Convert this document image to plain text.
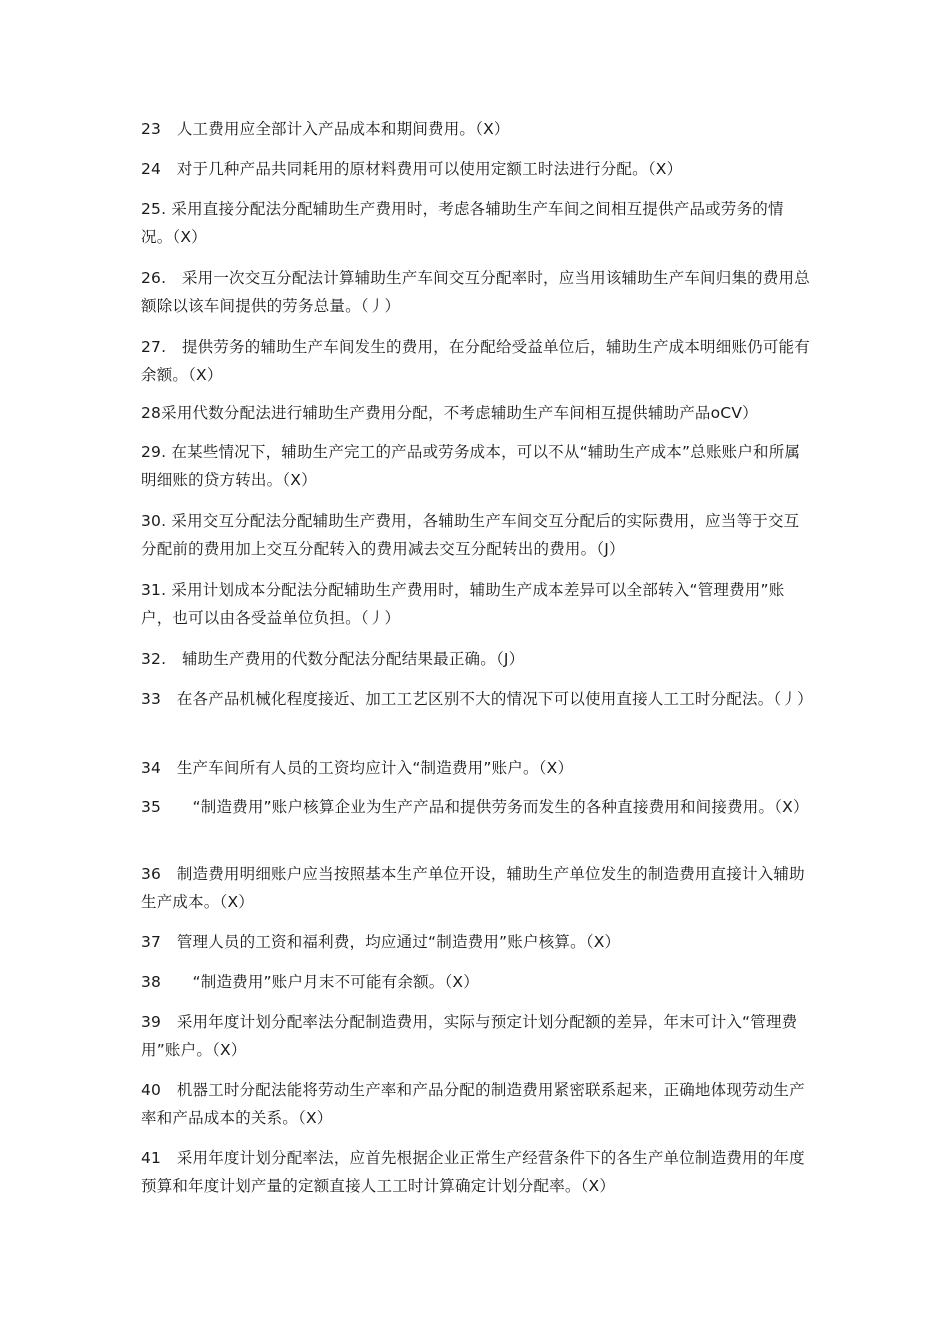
23　人工费用应全部计入产品成本和期间费用。（X）
24　对于几种产品共同耗用的原材料费用可以使用定额工时法进行分配。（X）
25. 采用直接分配法分配辅助生产费用时，考虑各辅助生产车间之间相互提供产品或劳务的情况。（X）
26.　采用一次交互分配法计算辅助生产车间交互分配率时，应当用该辅助生产车间归集的费用总额除以该车间提供的劳务总量。（丿）
27.　提供劳务的辅助生产车间发生的费用，在分配给受益单位后，辅助生产成本明细账仍可能有余额。（X）
28采用代数分配法进行辅助生产费用分配，不考虑辅助生产车间相互提供辅助产品oCV）
29. 在某些情况下，辅助生产完工的产品或劳务成本，可以不从“辅助生产成本”总账账户和所属明细账的贷方转出。（X）
30. 采用交互分配法分配辅助生产费用，各辅助生产车间交互分配后的实际费用，应当等于交互分配前的费用加上交互分配转入的费用减去交互分配转出的费用。（J）
31. 采用计划成本分配法分配辅助生产费用时，辅助生产成本差异可以全部转入“管理费用”账户，也可以由各受益单位负担。（丿）
32.　辅助生产费用的代数分配法分配结果最正确。（J）
33　在各产品机械化程度接近、加工工艺区别不大的情况下可以使用直接人工工时分配法。（丿）
34　生产车间所有人员的工资均应计入“制造费用”账户。（X）
35　　“制造费用”账户核算企业为生产产品和提供劳务而发生的各种直接费用和间接费用。（X）
36　制造费用明细账户应当按照基本生产单位开设，辅助生产单位发生的制造费用直接计入辅助生产成本。（X）
37　管理人员的工资和福利费，均应通过“制造费用”账户核算。（X）
38　　“制造费用”账户月末不可能有余额。（X）
39　采用年度计划分配率法分配制造费用，实际与预定计划分配额的差异，年末可计入“管理费用”账户。（X）
40　机器工时分配法能将劳动生产率和产品分配的制造费用紧密联系起来，正确地体现劳动生产率和产品成本的关系。（X）
41　采用年度计划分配率法，应首先根据企业正常生产经营条件下的各生产单位制造费用的年度预算和年度计划产量的定额直接人工工时计算确定计划分配率。（X）
